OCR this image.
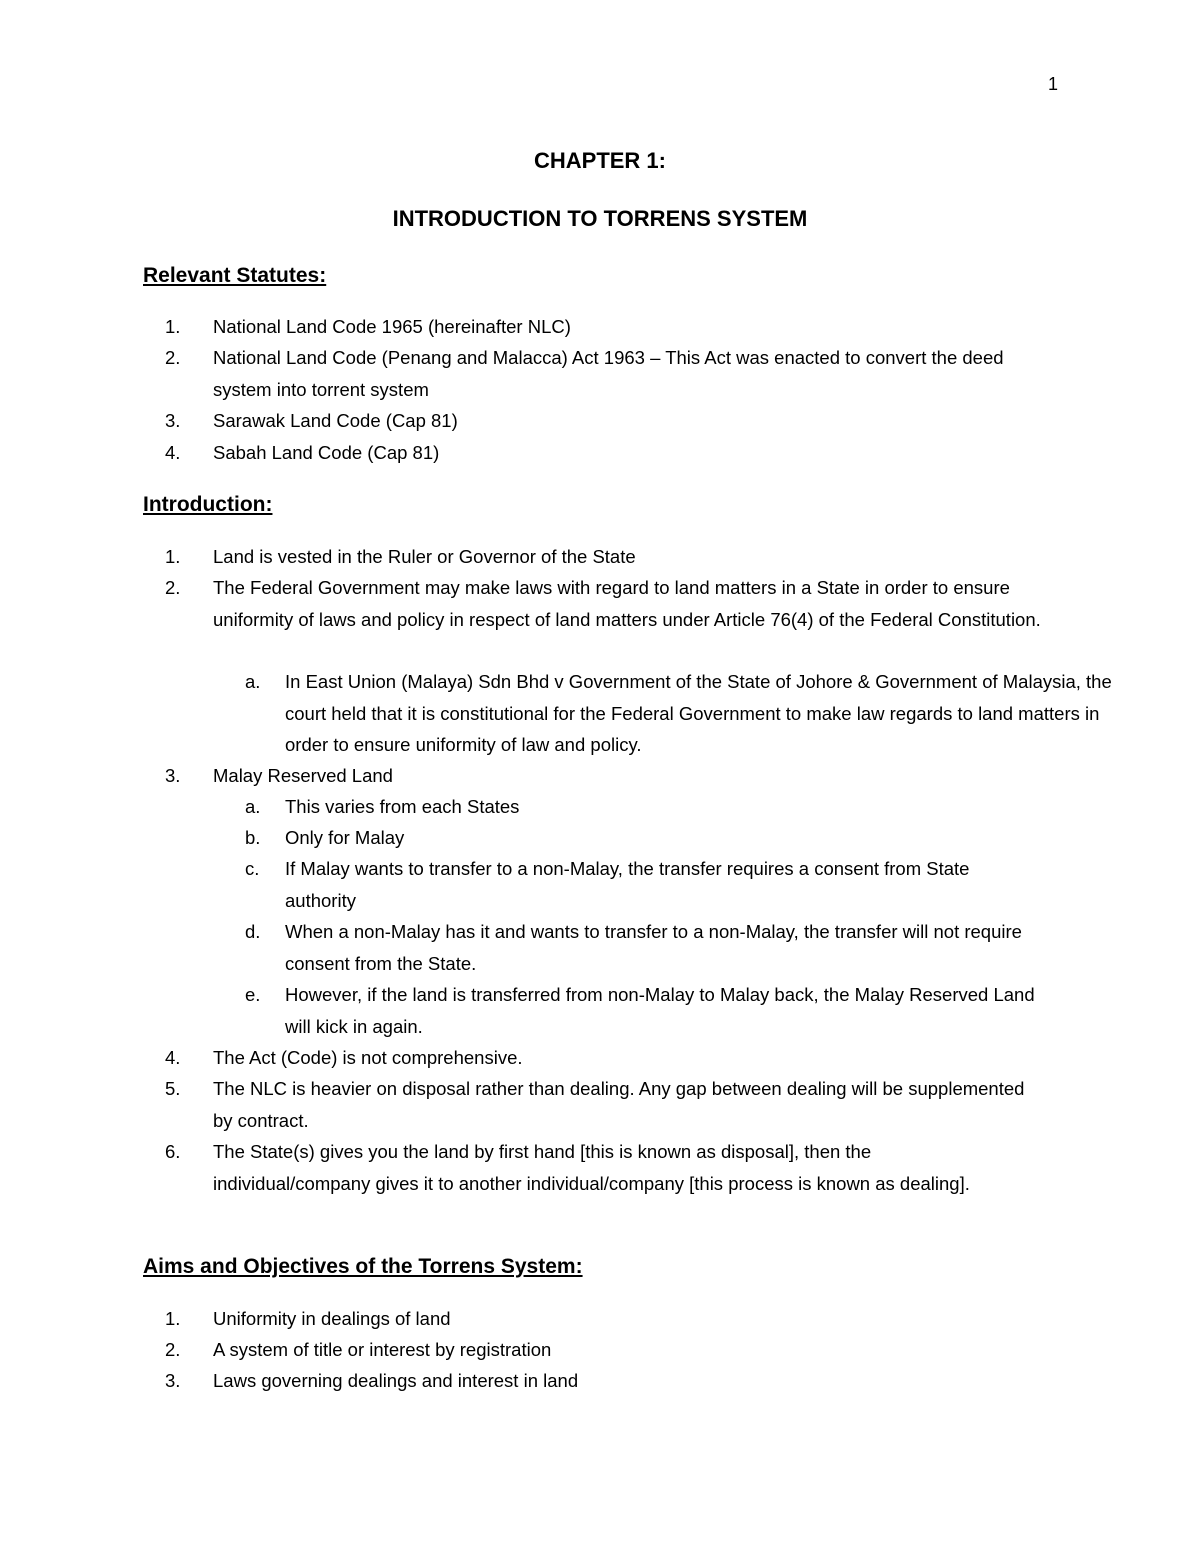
1
CHAPTER 1:
INTRODUCTION TO TORRENS SYSTEM
Relevant Statutes:
1. National Land Code 1965 (hereinafter NLC)
2. National Land Code (Penang and Malacca) Act 1963 – This Act was enacted to convert the deed system into torrent system
3. Sarawak Land Code (Cap 81)
4. Sabah Land Code (Cap 81)
Introduction:
1. Land is vested in the Ruler or Governor of the State
2. The Federal Government may make laws with regard to land matters in a State in order to ensure uniformity of laws and policy in respect of land matters under Article 76(4) of the Federal Constitution.
a. In East Union (Malaya) Sdn Bhd v Government of the State of Johore & Government of Malaysia, the court held that it is constitutional for the Federal Government to make law regards to land matters in order to ensure uniformity of law and policy.
3. Malay Reserved Land
a. This varies from each States
b. Only for Malay
c. If Malay wants to transfer to a non-Malay, the transfer requires a consent from State authority
d. When a non-Malay has it and wants to transfer to a non-Malay, the transfer will not require consent from the State.
e. However, if the land is transferred from non-Malay to Malay back, the Malay Reserved Land will kick in again.
4. The Act (Code) is not comprehensive.
5. The NLC is heavier on disposal rather than dealing. Any gap between dealing will be supplemented by contract.
6. The State(s) gives you the land by first hand [this is known as disposal], then the individual/company gives it to another individual/company [this process is known as dealing].
Aims and Objectives of the Torrens System:
1. Uniformity in dealings of land
2. A system of title or interest by registration
3. Laws governing dealings and interest in land
